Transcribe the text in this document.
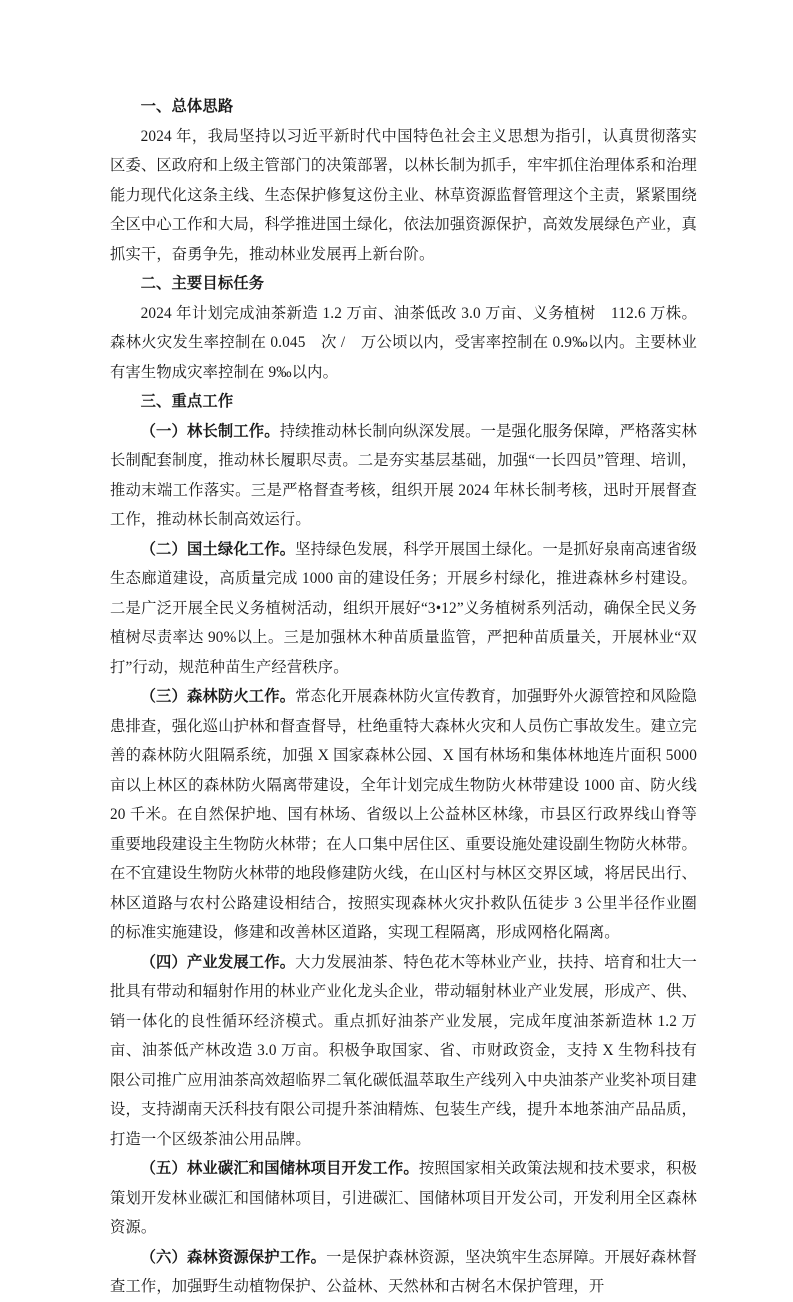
一、总体思路

2024 年，我局坚持以习近平新时代中国特色社会主义思想为指引，认真贯彻落实区委、区政府和上级主管部门的决策部署，以林长制为抓手，牢牢抓住治理体系和治理能力现代化这条主线、生态保护修复这份主业、林草资源监督管理这个主责，紧紧围绕全区中心工作和大局，科学推进国土绿化，依法加强资源保护，高效发展绿色产业，真抓实干，奋勇争先，推动林业发展再上新台阶。

二、主要目标任务

2024 年计划完成油茶新造 1.2 万亩、油茶低改 3.0 万亩、义务植树 112.6 万株。森林火灾发生率控制在 0.045 次 / 万公顷以内，受害率控制在 0.9‰以内。主要林业有害生物成灾率控制在 9‰以内。

三、重点工作

（一）林长制工作。持续推动林长制向纵深发展。一是强化服务保障，严格落实林长制配套制度，推动林长履职尽责。二是夯实基层基础，加强“一长四员”管理、培训，推动末端工作落实。三是严格督查考核，组织开展 2024 年林长制考核，迅时开展督查工作，推动林长制高效运行。

（二）国土绿化工作。坚持绿色发展，科学开展国土绿化。一是抓好泉南高速省级生态廊道建设，高质量完成 1000 亩的建设任务；开展乡村绿化，推进森林乡村建设。二是广泛开展全民义务植树活动，组织开展好“3•12”义务植树系列活动，确保全民义务植树尽责率达 90%以上。三是加强林木种苗质量监管，严把种苗质量关，开展林业“双打”行动，规范种苗生产经营秩序。

（三）森林防火工作。常态化开展森林防火宣传教育，加强野外火源管控和风险隐患排查，强化巡山护林和督查督导，杜绝重特大森林火灾和人员伤亡事故发生。建立完善的森林防火阻隔系统，加强 X 国家森林公园、X 国有林场和集体林地连片面积 5000 亩以上林区的森林防火隔离带建设，全年计划完成生物防火林带建设 1000 亩、防火线 20 千米。在自然保护地、国有林场、省级以上公益林区林缘，市县区行政界线山脊等重要地段建设主生物防火林带；在人口集中居住区、重要设施处建设副生物防火林带。在不宜建设生物防火林带的地段修建防火线，在山区村与林区交界区域，将居民出行、林区道路与农村公路建设相结合，按照实现森林火灾扑救队伍徒步 3 公里半径作业圈的标准实施建设，修建和改善林区道路，实现工程隔离，形成网格化隔离。

（四）产业发展工作。大力发展油茶、特色花木等林业产业，扶持、培育和壮大一批具有带动和辐射作用的林业产业化龙头企业，带动辐射林业产业发展，形成产、供、销一体化的良性循环经济模式。重点抓好油茶产业发展，完成年度油茶新造林 1.2 万亩、油茶低产林改造 3.0 万亩。积极争取国家、省、市财政资金，支持 X 生物科技有限公司推广应用油茶高效超临界二氧化碳低温萃取生产线列入中央油茶产业奖补项目建设，支持湖南天沃科技有限公司提升茶油精炼、包装生产线，提升本地茶油产品品质，打造一个区级茶油公用品牌。

（五）林业碳汇和国储林项目开发工作。按照国家相关政策法规和技术要求，积极策划开发林业碳汇和国储林项目，引进碳汇、国储林项目开发公司，开发利用全区森林资源。

（六）森林资源保护工作。一是保护森林资源，坚决筑牢生态屏障。开展好森林督查工作，加强野生动植物保护、公益林、天然林和古树名木保护管理，开
